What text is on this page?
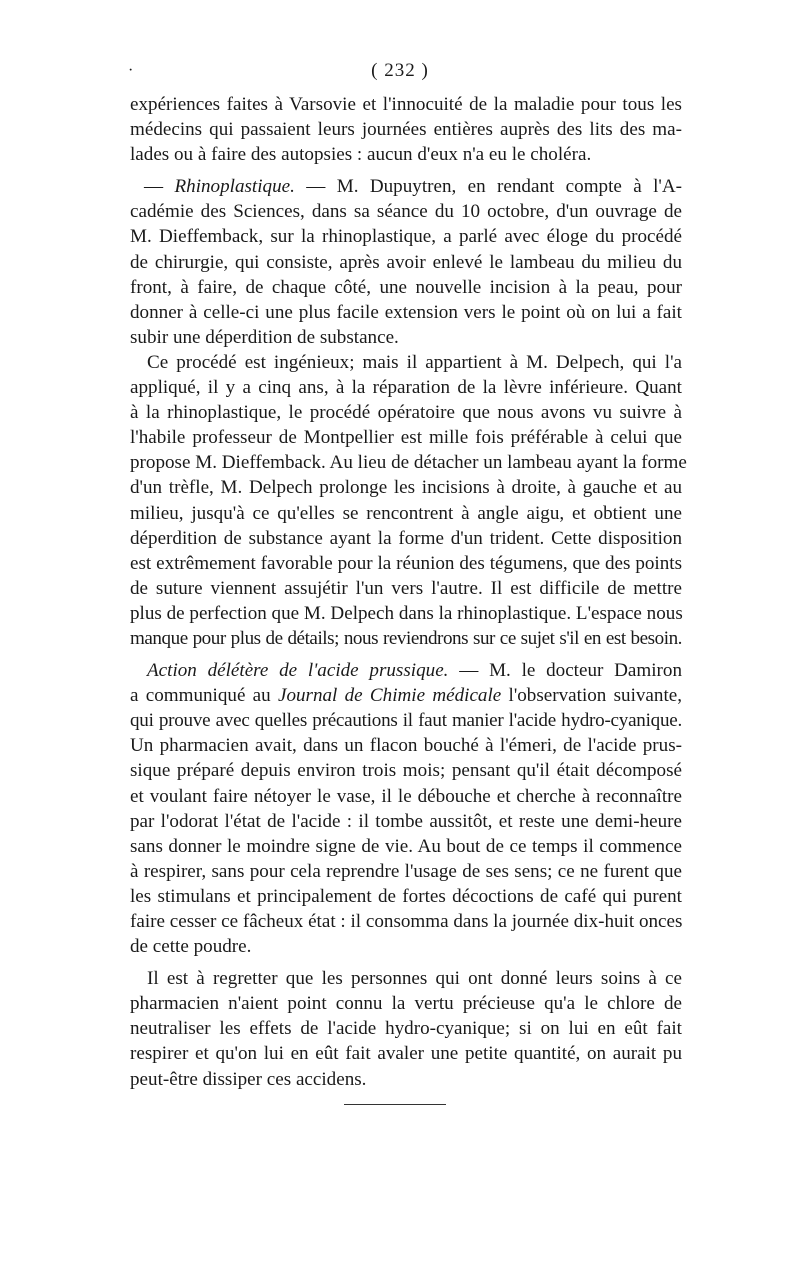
·	( 232 )
expériences faites à Varsovie et l'innocuité de la maladie pour tous les
médecins qui passaient leurs journées entières auprès des lits des ma-
lades ou à faire des autopsies : aucun d'eux n'a eu le choléra.
— Rhinoplastique. — M. Dupuytren, en rendant compte à l'A-
cadémie des Sciences, dans sa séance du 10 octobre, d'un ouvrage de
M. Dieffemback, sur la rhinoplastique, a parlé avec éloge du procédé
de chirurgie, qui consiste, après avoir enlevé le lambeau du milieu du
front, à faire, de chaque côté, une nouvelle incision à la peau, pour
donner à celle-ci une plus facile extension vers le point où on lui a fait
subir une déperdition de substance.
Ce procédé est ingénieux; mais il appartient à M. Delpech, qui l'a
appliqué, il y a cinq ans, à la réparation de la lèvre inférieure. Quant
à la rhinoplastique, le procédé opératoire que nous avons vu suivre à
l'habile professeur de Montpellier est mille fois préférable à celui que
propose M. Dieffemback. Au lieu de détacher un lambeau ayant la forme
d'un trèfle, M. Delpech prolonge les incisions à droite, à gauche et au
milieu, jusqu'à ce qu'elles se rencontrent à angle aigu, et obtient une
déperdition de substance ayant la forme d'un trident. Cette disposition
est extrêmement favorable pour la réunion des tégumens, que des points
de suture viennent assujétir l'un vers l'autre. Il est difficile de mettre
plus de perfection que M. Delpech dans la rhinoplastique. L'espace nous
manque pour plus de détails; nous reviendrons sur ce sujet s'il en est besoin.
Action délétère de l'acide prussique. — M. le docteur Damiron
a communiqué au Journal de Chimie médicale l'observation suivante,
qui prouve avec quelles précautions il faut manier l'acide hydro-cyanique.
Un pharmacien avait, dans un flacon bouché à l'émeri, de l'acide prus-
sique préparé depuis environ trois mois; pensant qu'il était décomposé
et voulant faire nétoyer le vase, il le débouche et cherche à reconnaître
par l'odorat l'état de l'acide : il tombe aussitôt, et reste une demi-heure
sans donner le moindre signe de vie. Au bout de ce temps il commence
à respirer, sans pour cela reprendre l'usage de ses sens; ce ne furent que
les stimulans et principalement de fortes décoctions de café qui purent
faire cesser ce fâcheux état : il consomma dans la journée dix-huit onces
de cette poudre.
Il est à regretter que les personnes qui ont donné leurs soins à ce
pharmacien n'aient point connu la vertu précieuse qu'a le chlore de
neutraliser les effets de l'acide hydro-cyanique; si on lui en eût fait
respirer et qu'on lui en eût fait avaler une petite quantité, on aurait pu
peut-être dissiper ces accidens.
